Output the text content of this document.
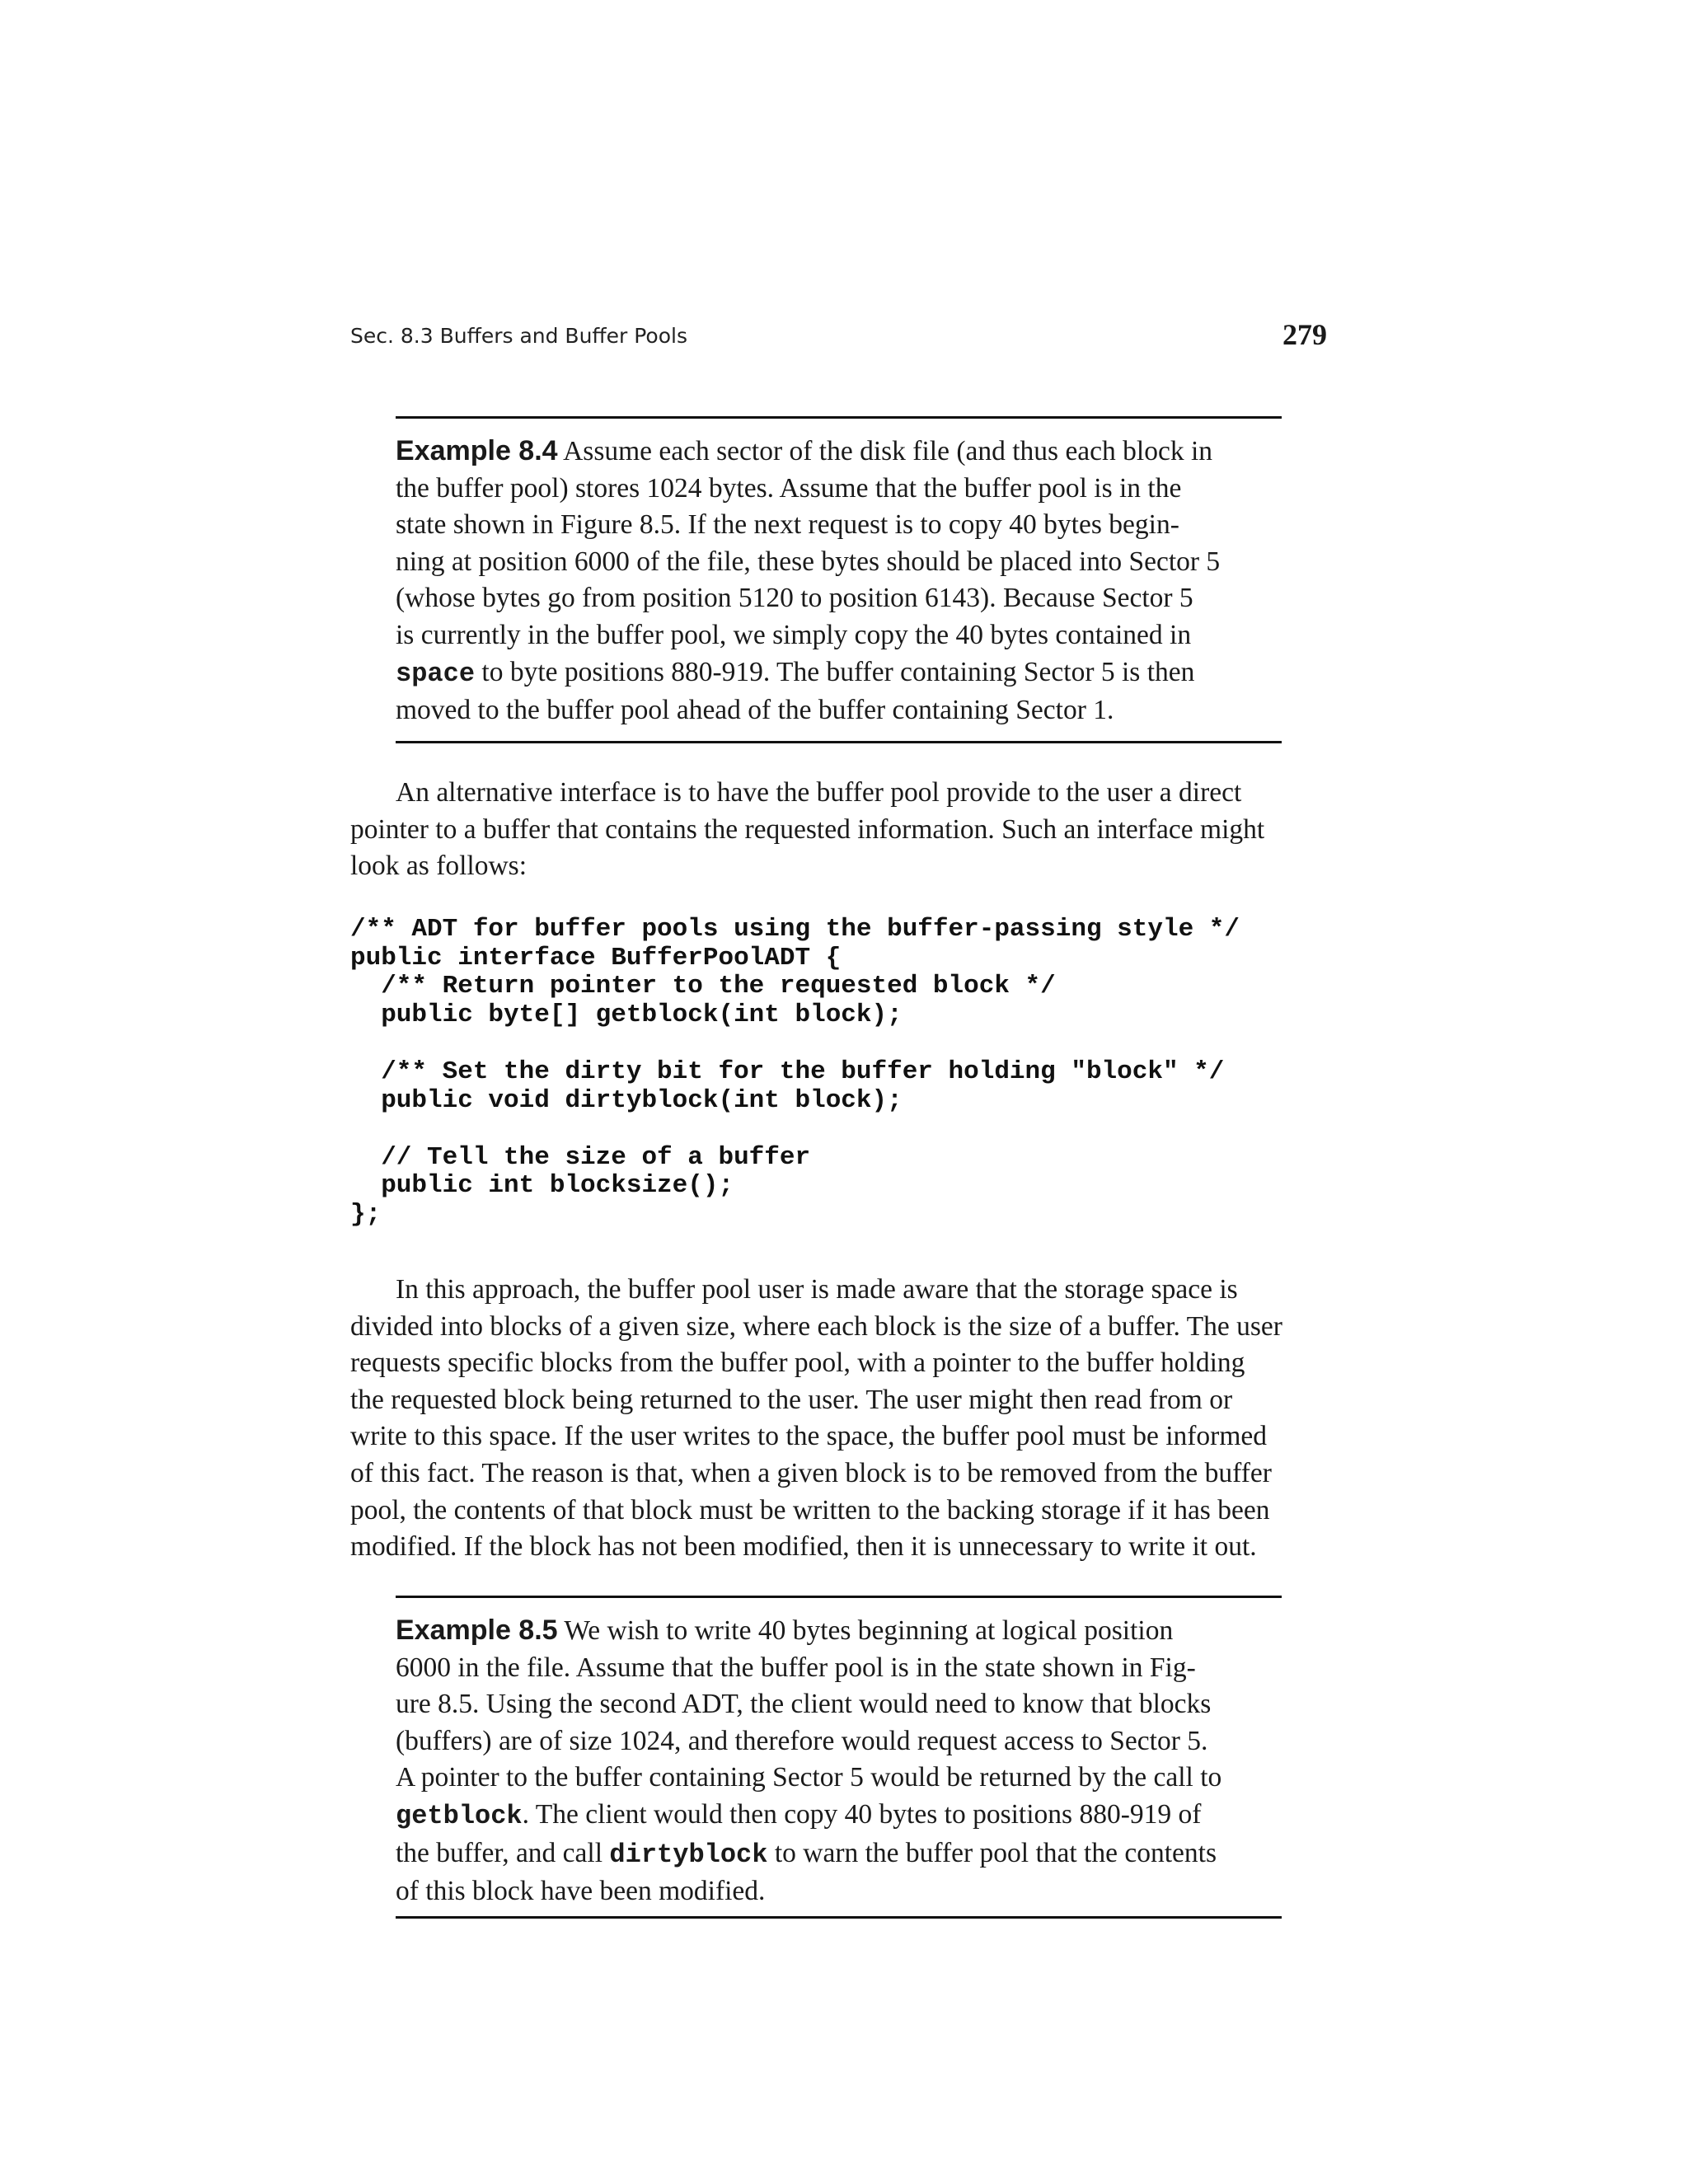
Sec. 8.3 Buffers and Buffer Pools	279
Example 8.4 Assume each sector of the disk file (and thus each block in
the buffer pool) stores 1024 bytes. Assume that the buffer pool is in the
state shown in Figure 8.5. If the next request is to copy 40 bytes begin-
ning at position 6000 of the file, these bytes should be placed into Sector 5
(whose bytes go from position 5120 to position 6143). Because Sector 5
is currently in the buffer pool, we simply copy the 40 bytes contained in
space to byte positions 880-919. The buffer containing Sector 5 is then
moved to the buffer pool ahead of the buffer containing Sector 1.
An alternative interface is to have the buffer pool provide to the user a direct
pointer to a buffer that contains the requested information. Such an interface might
look as follows:
/** ADT for buffer pools using the buffer-passing style */
public interface BufferPoolADT {
/** Return pointer to the requested block */
public byte[] getblock(int block);
/** Set the dirty bit for the buffer holding "block" */
public void dirtyblock(int block);
// Tell the size of a buffer
public int blocksize();
};
In this approach, the buffer pool user is made aware that the storage space is
divided into blocks of a given size, where each block is the size of a buffer. The user
requests specific blocks from the buffer pool, with a pointer to the buffer holding
the requested block being returned to the user. The user might then read from or
write to this space. If the user writes to the space, the buffer pool must be informed
of this fact. The reason is that, when a given block is to be removed from the buffer
pool, the contents of that block must be written to the backing storage if it has been
modified. If the block has not been modified, then it is unnecessary to write it out.
Example 8.5 We wish to write 40 bytes beginning at logical position
6000 in the file. Assume that the buffer pool is in the state shown in Fig-
ure 8.5. Using the second ADT, the client would need to know that blocks
(buffers) are of size 1024, and therefore would request access to Sector 5.
A pointer to the buffer containing Sector 5 would be returned by the call to
getblock. The client would then copy 40 bytes to positions 880-919 of
the buffer, and call dirtyblock to warn the buffer pool that the contents
of this block have been modified.
